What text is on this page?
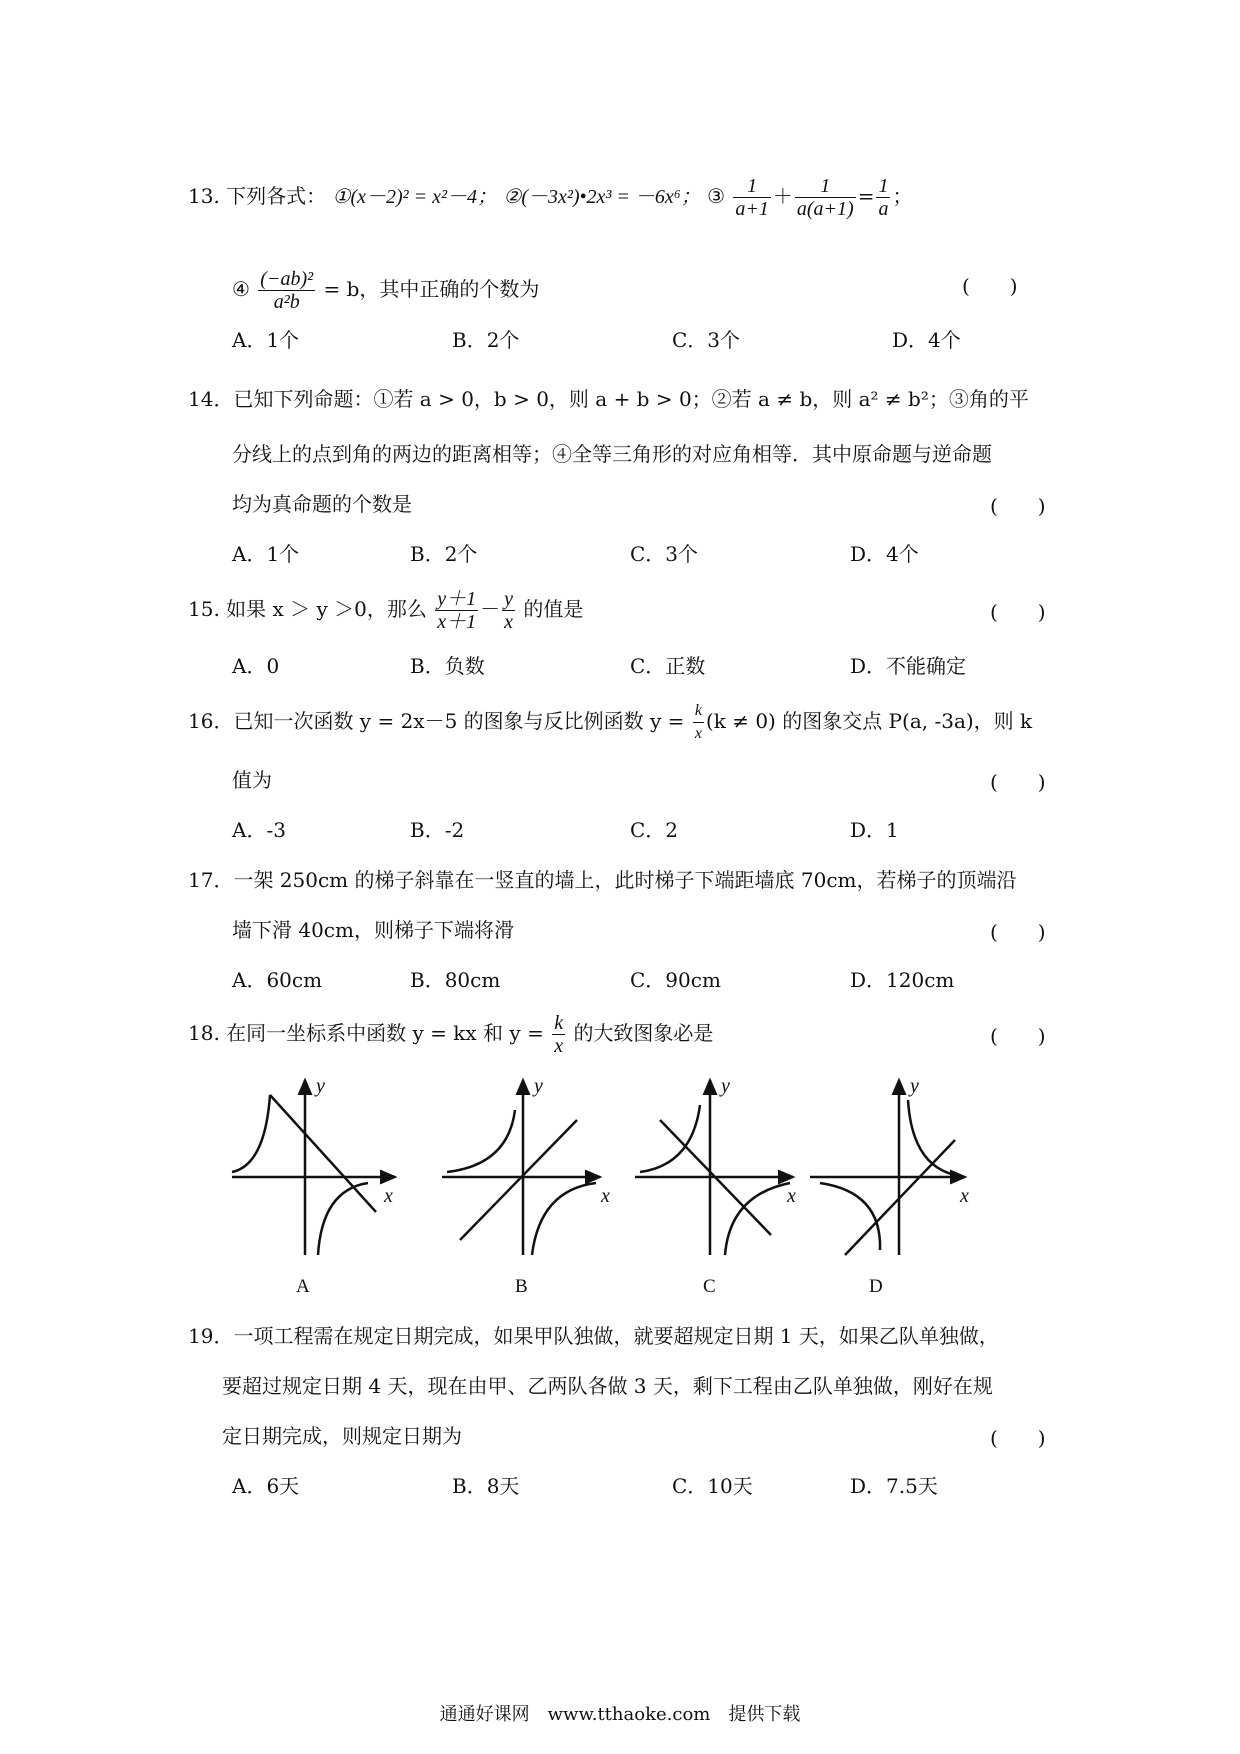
13. 下列各式： ①(x－2)² = x²－4； ②(－3x²)•2x³ = －6x⁶； ③ $\frac{1}{a+1} + \frac{1}{a(a+1)} = \frac{1}{a}$ ；
④ $\frac{\text{(−ab)²}}{\text{a²b}} = b$，其中正确的个数为	(　　)
A．1个	B．2个	C．3个	D．4个
14．已知下列命题：①若 a > 0，b > 0，则 a + b > 0；②若 a ≠ b，则 a² ≠ b²；③角的平
分线上的点到角的两边的距离相等；④全等三角形的对应角相等．其中原命题与逆命题
均为真命题的个数是	(　　)
A．1个	B．2个	C．3个	D．4个
15. 如果 x ＞ y ＞0，那么 $\frac{y+1}{x+1} - \frac{y}{x}$ 的值是	(　　)
A．0	B．负数	C．正数	D．不能确定
16．已知一次函数 y = 2x－5 的图象与反比例函数 $y = \frac{k}{x} (k \ne 0)$ 的图象交点 P(a, -3a)，则 k
值为	(　　)
A．-3	B．-2	C．2	D．1
17．一架 250cm 的梯子斜靠在一竖直的墙上，此时梯子下端距墙底 70cm，若梯子的顶端沿
墙下滑 40cm，则梯子下端将滑	(　　)
A．60cm	B．80cm	C．90cm	D．120cm
18. 在同一坐标系中函数 y = kx 和 $y = \frac{k}{x}$ 的大致图象必是	(　　)
y
x
y
x
y
x
y
x
A	B	C	D
19．一项工程需在规定日期完成，如果甲队独做，就要超规定日期 1 天，如果乙队单独做，
要超过规定日期 4 天，现在由甲、乙两队各做 3 天，剩下工程由乙队单独做，刚好在规
定日期完成，则规定日期为	(　　)
A．6天	B．8天	C．10天	D．7.5天
通通好课网　www.tthaoke.com　提供下载
